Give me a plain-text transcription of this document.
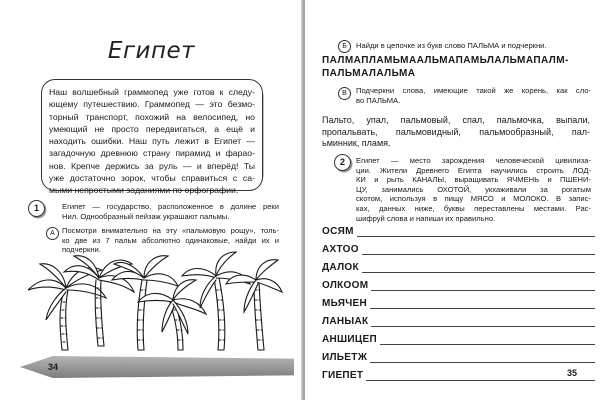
Египет
Наш волшебный граммопед уже готов к следу-
ющему путешествию. Граммопед — это безмо-
торный транспорт, похожий на велосипед, но
умеющий не просто передвигаться, а ещё и
находить ошибки. Наш путь лежит в Египет —
загадочную древнюю страну пирамид и фарао-
нов. Крепче держись за руль — и вперёд! Ты
уже достаточно зорок, чтобы справиться с са-
мыми непростыми заданиями по орфографии.
1	Египет — государство, расположенное в долине реки
Нил. Однообразный пейзаж украшают пальмы.
А Посмотри внимательно на эту «пальмовую рощу», толь-
ко две из 7 пальм абсолютно одинаковые, найди их и
подчеркни.
34
Б	Найди в цепочке из букв слово ПАЛЬМА и подчеркни.
ПАЛМАПЛАМЬМААЛЬМАПАМЬЛАЛЬМАПАЛМ-
ПАЛЬМАЛАЛЬМА
В	Подчеркни слова, имеющие такой же корень, как сло-
во ПАЛЬМА.
Пальто, упал, пальмовый, спал, пальмочка, выпали,
пропальвать, пальмовидный, пальмообразный, пал-
ьминник, пламя.
2	Египет — место зарождения человеческой цивилиза-
ции. Жители Древнего Египта научились строить ЛОД-
КИ и рыть КАНАЛЫ, выращивать ЯЧМЕНЬ и ПШЕНИ-
ЦУ, занимались ОХОТОЙ, укхаживали за рогатым
скотом, используя в пищу МЯСО и МОЛОКО. В запис-
ках, данных ниже, буквы переставлены местами. Рас-
шифруй слова и напиши их правильно.
ОСЯМ
АХТОО
ДАЛОК
ОЛКООМ
МЬЯЧЕН
ЛАНЫАК
АНШИЦЕП
ИЛЬЕТЖ
ГИЕПЕТ	35
